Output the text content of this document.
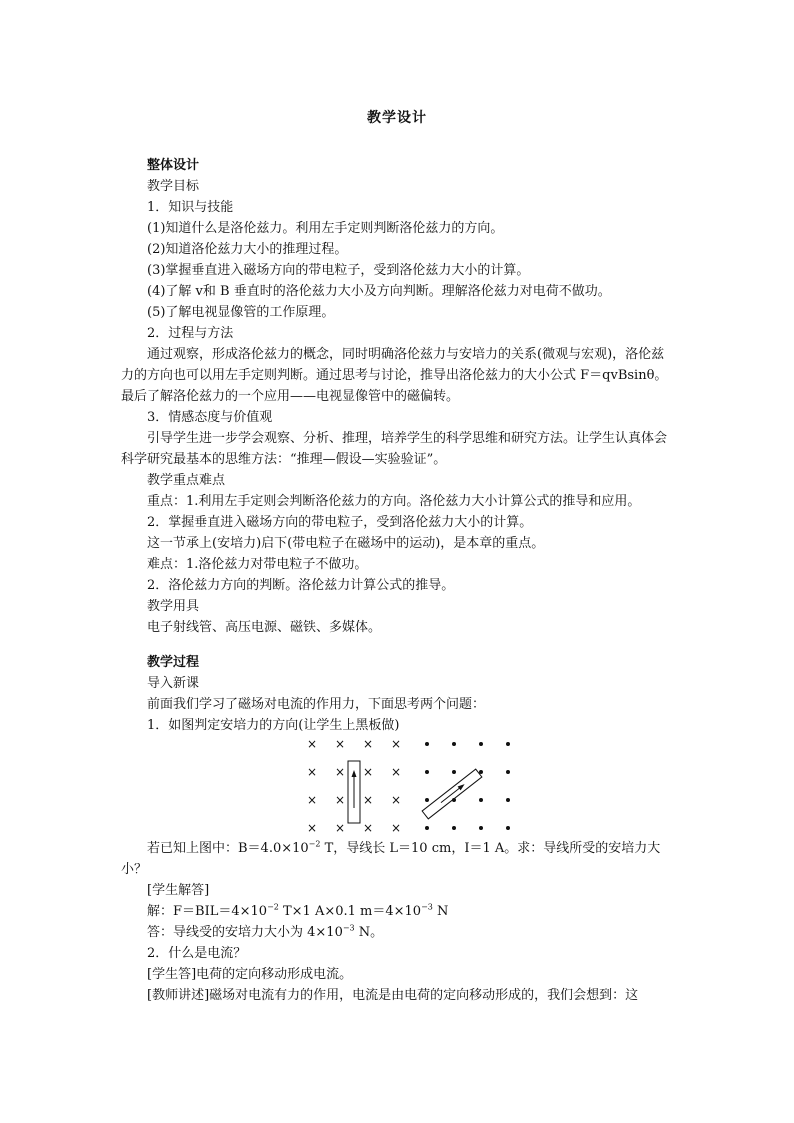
教学设计

整体设计

教学目标

1．知识与技能

(1)知道什么是洛伦兹力。利用左手定则判断洛伦兹力的方向。

(2)知道洛伦兹力大小的推理过程。

(3)掌握垂直进入磁场方向的带电粒子，受到洛伦兹力大小的计算。

(4)了解 v和 B 垂直时的洛伦兹力大小及方向判断。理解洛伦兹力对电荷不做功。

(5)了解电视显像管的工作原理。

2．过程与方法

通过观察，形成洛伦兹力的概念，同时明确洛伦兹力与安培力的关系(微观与宏观)，洛伦兹力的方向也可以用左手定则判断。通过思考与讨论，推导出洛伦兹力的大小公式 F＝qvBsinθ。最后了解洛伦兹力的一个应用——电视显像管中的磁偏转。

3．情感态度与价值观

引导学生进一步学会观察、分析、推理，培养学生的科学思维和研究方法。让学生认真体会科学研究最基本的思维方法：“推理—假设—实验验证”。

教学重点难点

重点：1.利用左手定则会判断洛伦兹力的方向。洛伦兹力大小计算公式的推导和应用。

2．掌握垂直进入磁场方向的带电粒子，受到洛伦兹力大小的计算。

这一节承上(安培力)启下(带电粒子在磁场中的运动)，是本章的重点。

难点：1.洛伦兹力对带电粒子不做功。

2．洛伦兹力方向的判断。洛伦兹力计算公式的推导。

教学用具

电子射线管、高压电源、磁铁、多媒体。

教学过程

导入新课

前面我们学习了磁场对电流的作用力，下面思考两个问题：

1．如图判定安培力的方向(让学生上黑板做)

× × × ×
× × × ×
× × × ×
× × × ×

若已知上图中：$B=4.0\times 10^{-2}$ T，导线长 L＝10 cm，I＝1 A。求：导线所受的安培力大小？

[学生解答]

解：$F=BIL=4\times 10^{-2}$ T×1 A×0.1 $m=4\times 10^{-3}$ N

答：导线受的安培力大小为 $4\times 10^{-3}$ N。

2．什么是电流？

[学生答]电荷的定向移动形成电流。

[教师讲述]磁场对电流有力的作用，电流是由电荷的定向移动形成的，我们会想到：这
